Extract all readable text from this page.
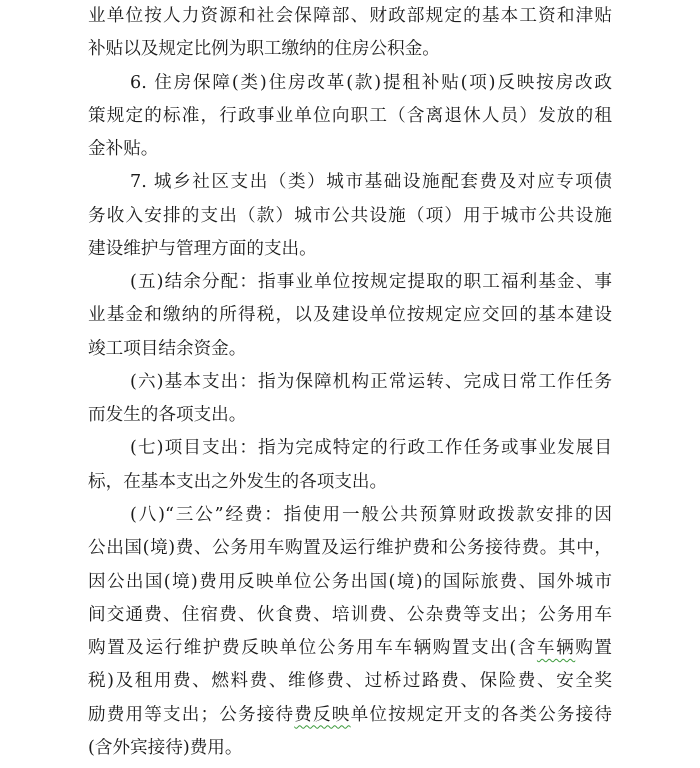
业单位按人力资源和社会保障部、财政部规定的基本工资和津贴
补贴以及规定比例为职工缴纳的住房公积金。
6. 住房保障(类)住房改革(款)提租补贴(项)反映按房改政
策规定的标准，行政事业单位向职工（含离退休人员）发放的租
金补贴。
7. 城乡社区支出（类）城市基础设施配套费及对应专项债
务收入安排的支出（款）城市公共设施（项）用于城市公共设施
建设维护与管理方面的支出。
(五)结余分配：指事业单位按规定提取的职工福利基金、事
业基金和缴纳的所得税，以及建设单位按规定应交回的基本建设
竣工项目结余资金。
(六)基本支出：指为保障机构正常运转、完成日常工作任务
而发生的各项支出。
(七)项目支出：指为完成特定的行政工作任务或事业发展目
标，在基本支出之外发生的各项支出。
(八)“三公”经费：指使用一般公共预算财政拨款安排的因
公出国(境)费、公务用车购置及运行维护费和公务接待费。其中，
因公出国(境)费用反映单位公务出国(境)的国际旅费、国外城市
间交通费、住宿费、伙食费、培训费、公杂费等支出；公务用车
购置及运行维护费反映单位公务用车车辆购置支出(含车辆购置
税)及租用费、燃料费、维修费、过桥过路费、保险费、安全奖
励费用等支出；公务接待费反映单位按规定开支的各类公务接待
(含外宾接待)费用。
